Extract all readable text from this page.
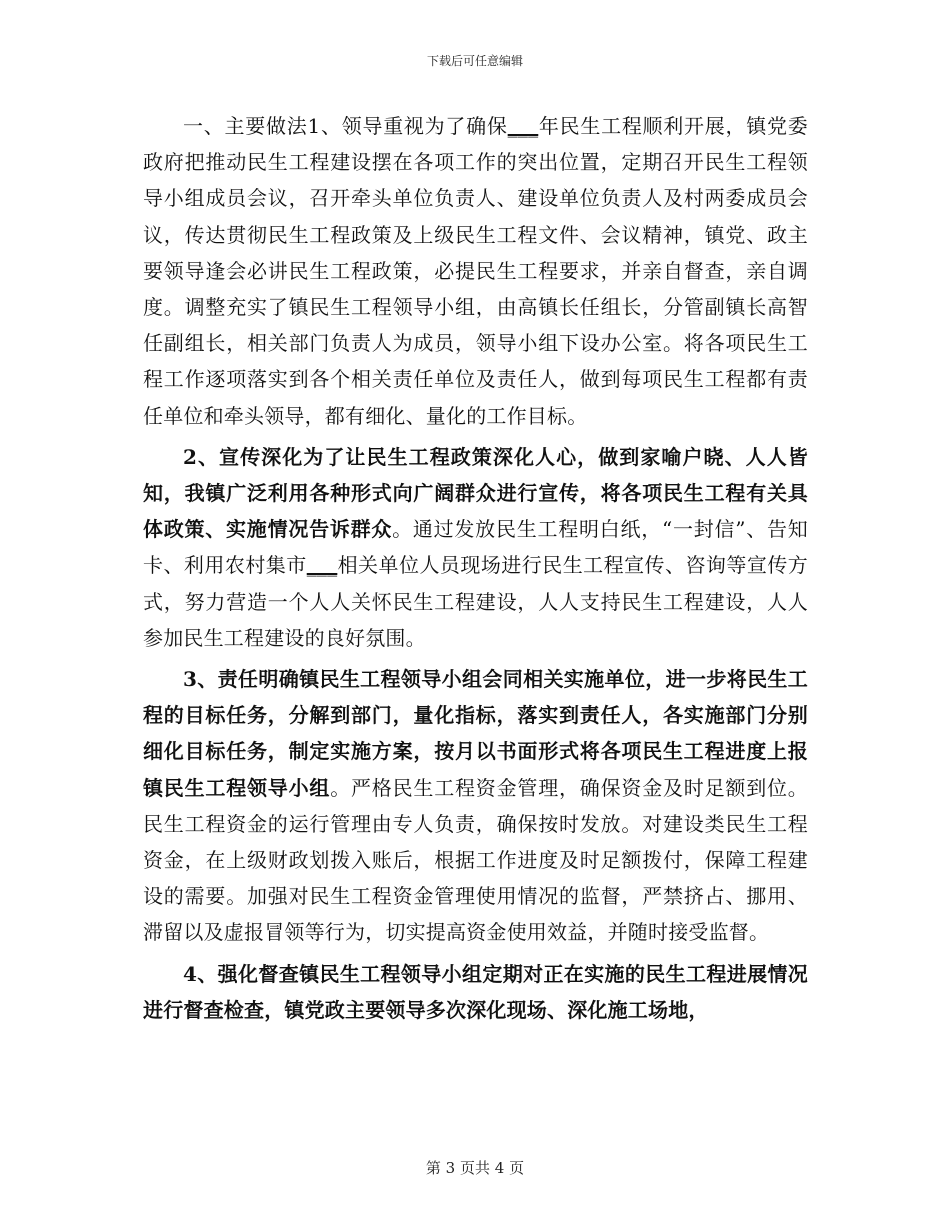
下载后可任意编辑

一、主要做法1、领导重视为了确保___年民生工程顺利开展，镇党委政府把推动民生工程建设摆在各项工作的突出位置，定期召开民生工程领导小组成员会议，召开牵头单位负责人、建设单位负责人及村两委成员会议，传达贯彻民生工程政策及上级民生工程文件、会议精神，镇党、政主要领导逢会必讲民生工程政策，必提民生工程要求，并亲自督查，亲自调度。调整充实了镇民生工程领导小组，由高镇长任组长，分管副镇长高智任副组长，相关部门负责人为成员，领导小组下设办公室。将各项民生工程工作逐项落实到各个相关责任单位及责任人，做到每项民生工程都有责任单位和牵头领导，都有细化、量化的工作目标。

2、宣传深化为了让民生工程政策深化人心，做到家喻户晓、人人皆知，我镇广泛利用各种形式向广阔群众进行宣传，将各项民生工程有关具体政策、实施情况告诉群众。通过发放民生工程明白纸，“一封信”、告知卡、利用农村集市___相关单位人员现场进行民生工程宣传、咨询等宣传方式，努力营造一个人人关怀民生工程建设，人人支持民生工程建设，人人参加民生工程建设的良好氛围。

3、责任明确镇民生工程领导小组会同相关实施单位，进一步将民生工程的目标任务，分解到部门，量化指标，落实到责任人，各实施部门分别细化目标任务，制定实施方案，按月以书面形式将各项民生工程进度上报镇民生工程领导小组。严格民生工程资金管理，确保资金及时足额到位。民生工程资金的运行管理由专人负责，确保按时发放。对建设类民生工程资金，在上级财政划拨入账后，根据工作进度及时足额拨付，保障工程建设的需要。加强对民生工程资金管理使用情况的监督，严禁挤占、挪用、滞留以及虚报冒领等行为，切实提高资金使用效益，并随时接受监督。

4、强化督查镇民生工程领导小组定期对正在实施的民生工程进展情况进行督查检查，镇党政主要领导多次深化现场、深化施工场地，

第 3 页共 4 页
